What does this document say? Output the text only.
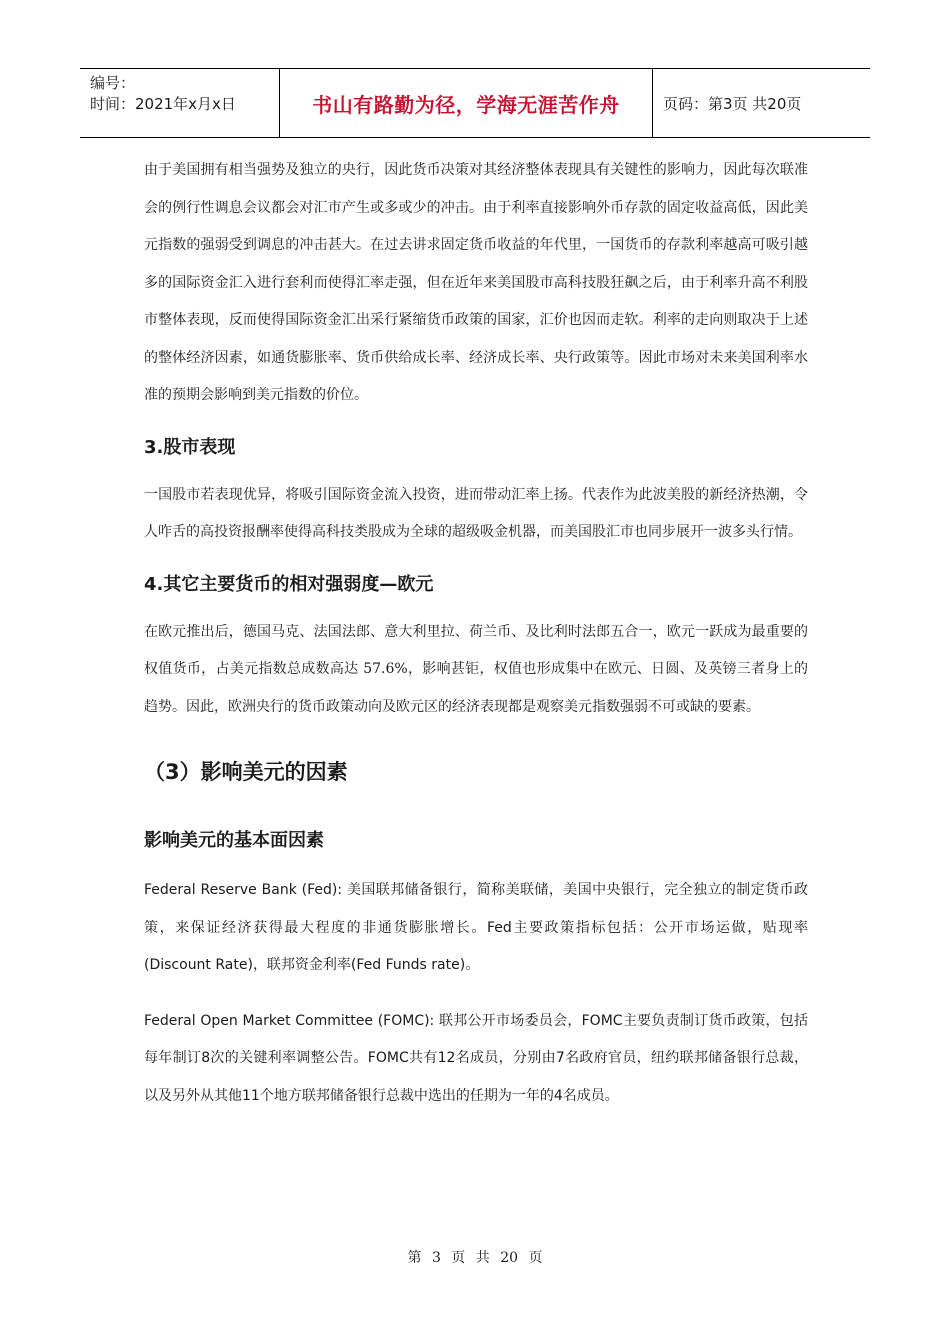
编号：
时间：2021年x月x日	书山有路勤为径，学海无涯苦作舟	页码：第3页 共20页

由于美国拥有相当强势及独立的央行，因此货币决策对其经济整体表现具有关键性的影响力，因此每次联准会的例行性调息会议都会对汇市产生或多或少的冲击。由于利率直接影响外币存款的固定收益高低，因此美元指数的强弱受到调息的冲击甚大。在过去讲求固定货币收益的年代里，一国货币的存款利率越高可吸引越多的国际资金汇入进行套利而使得汇率走强，但在近年来美国股市高科技股狂飙之后，由于利率升高不利股市整体表现，反而使得国际资金汇出采行紧缩货币政策的国家，汇价也因而走软。利率的走向则取决于上述的整体经济因素，如通货膨胀率、货币供给成长率、经济成长率、央行政策等。因此市场对未来美国利率水准的预期会影响到美元指数的价位。

3.股市表现

一国股市若表现优异，将吸引国际资金流入投资，进而带动汇率上扬。代表作为此波美股的新经济热潮，令人咋舌的高投资报酬率使得高科技类股成为全球的超级吸金机器，而美国股汇市也同步展开一波多头行情。

4.其它主要货币的相对强弱度—欧元

在欧元推出后，德国马克、法国法郎、意大利里拉、荷兰币、及比利时法郎五合一，欧元一跃成为最重要的权值货币，占美元指数总成数高达 57.6%，影响甚钜，权值也形成集中在欧元、日圆、及英镑三者身上的趋势。因此，欧洲央行的货币政策动向及欧元区的经济表现都是观察美元指数强弱不可或缺的要素。

（3）影响美元的因素
影响美元的基本面因素

Federal Reserve Bank (Fed): 美国联邦储备银行，简称美联储，美国中央银行，完全独立的制定货币政策，来保证经济获得最大程度的非通货膨胀增长。Fed主要政策指标包括：公开市场运做，贴现率(Discount Rate)，联邦资金利率(Fed Funds rate)。

Federal Open Market Committee (FOMC): 联邦公开市场委员会，FOMC主要负责制订货币政策，包括每年制订8次的关键利率调整公告。FOMC共有12名成员，分别由7名政府官员，纽约联邦储备银行总裁，以及另外从其他11个地方联邦储备银行总裁中选出的任期为一年的4名成员。

第 3 页 共 20 页
